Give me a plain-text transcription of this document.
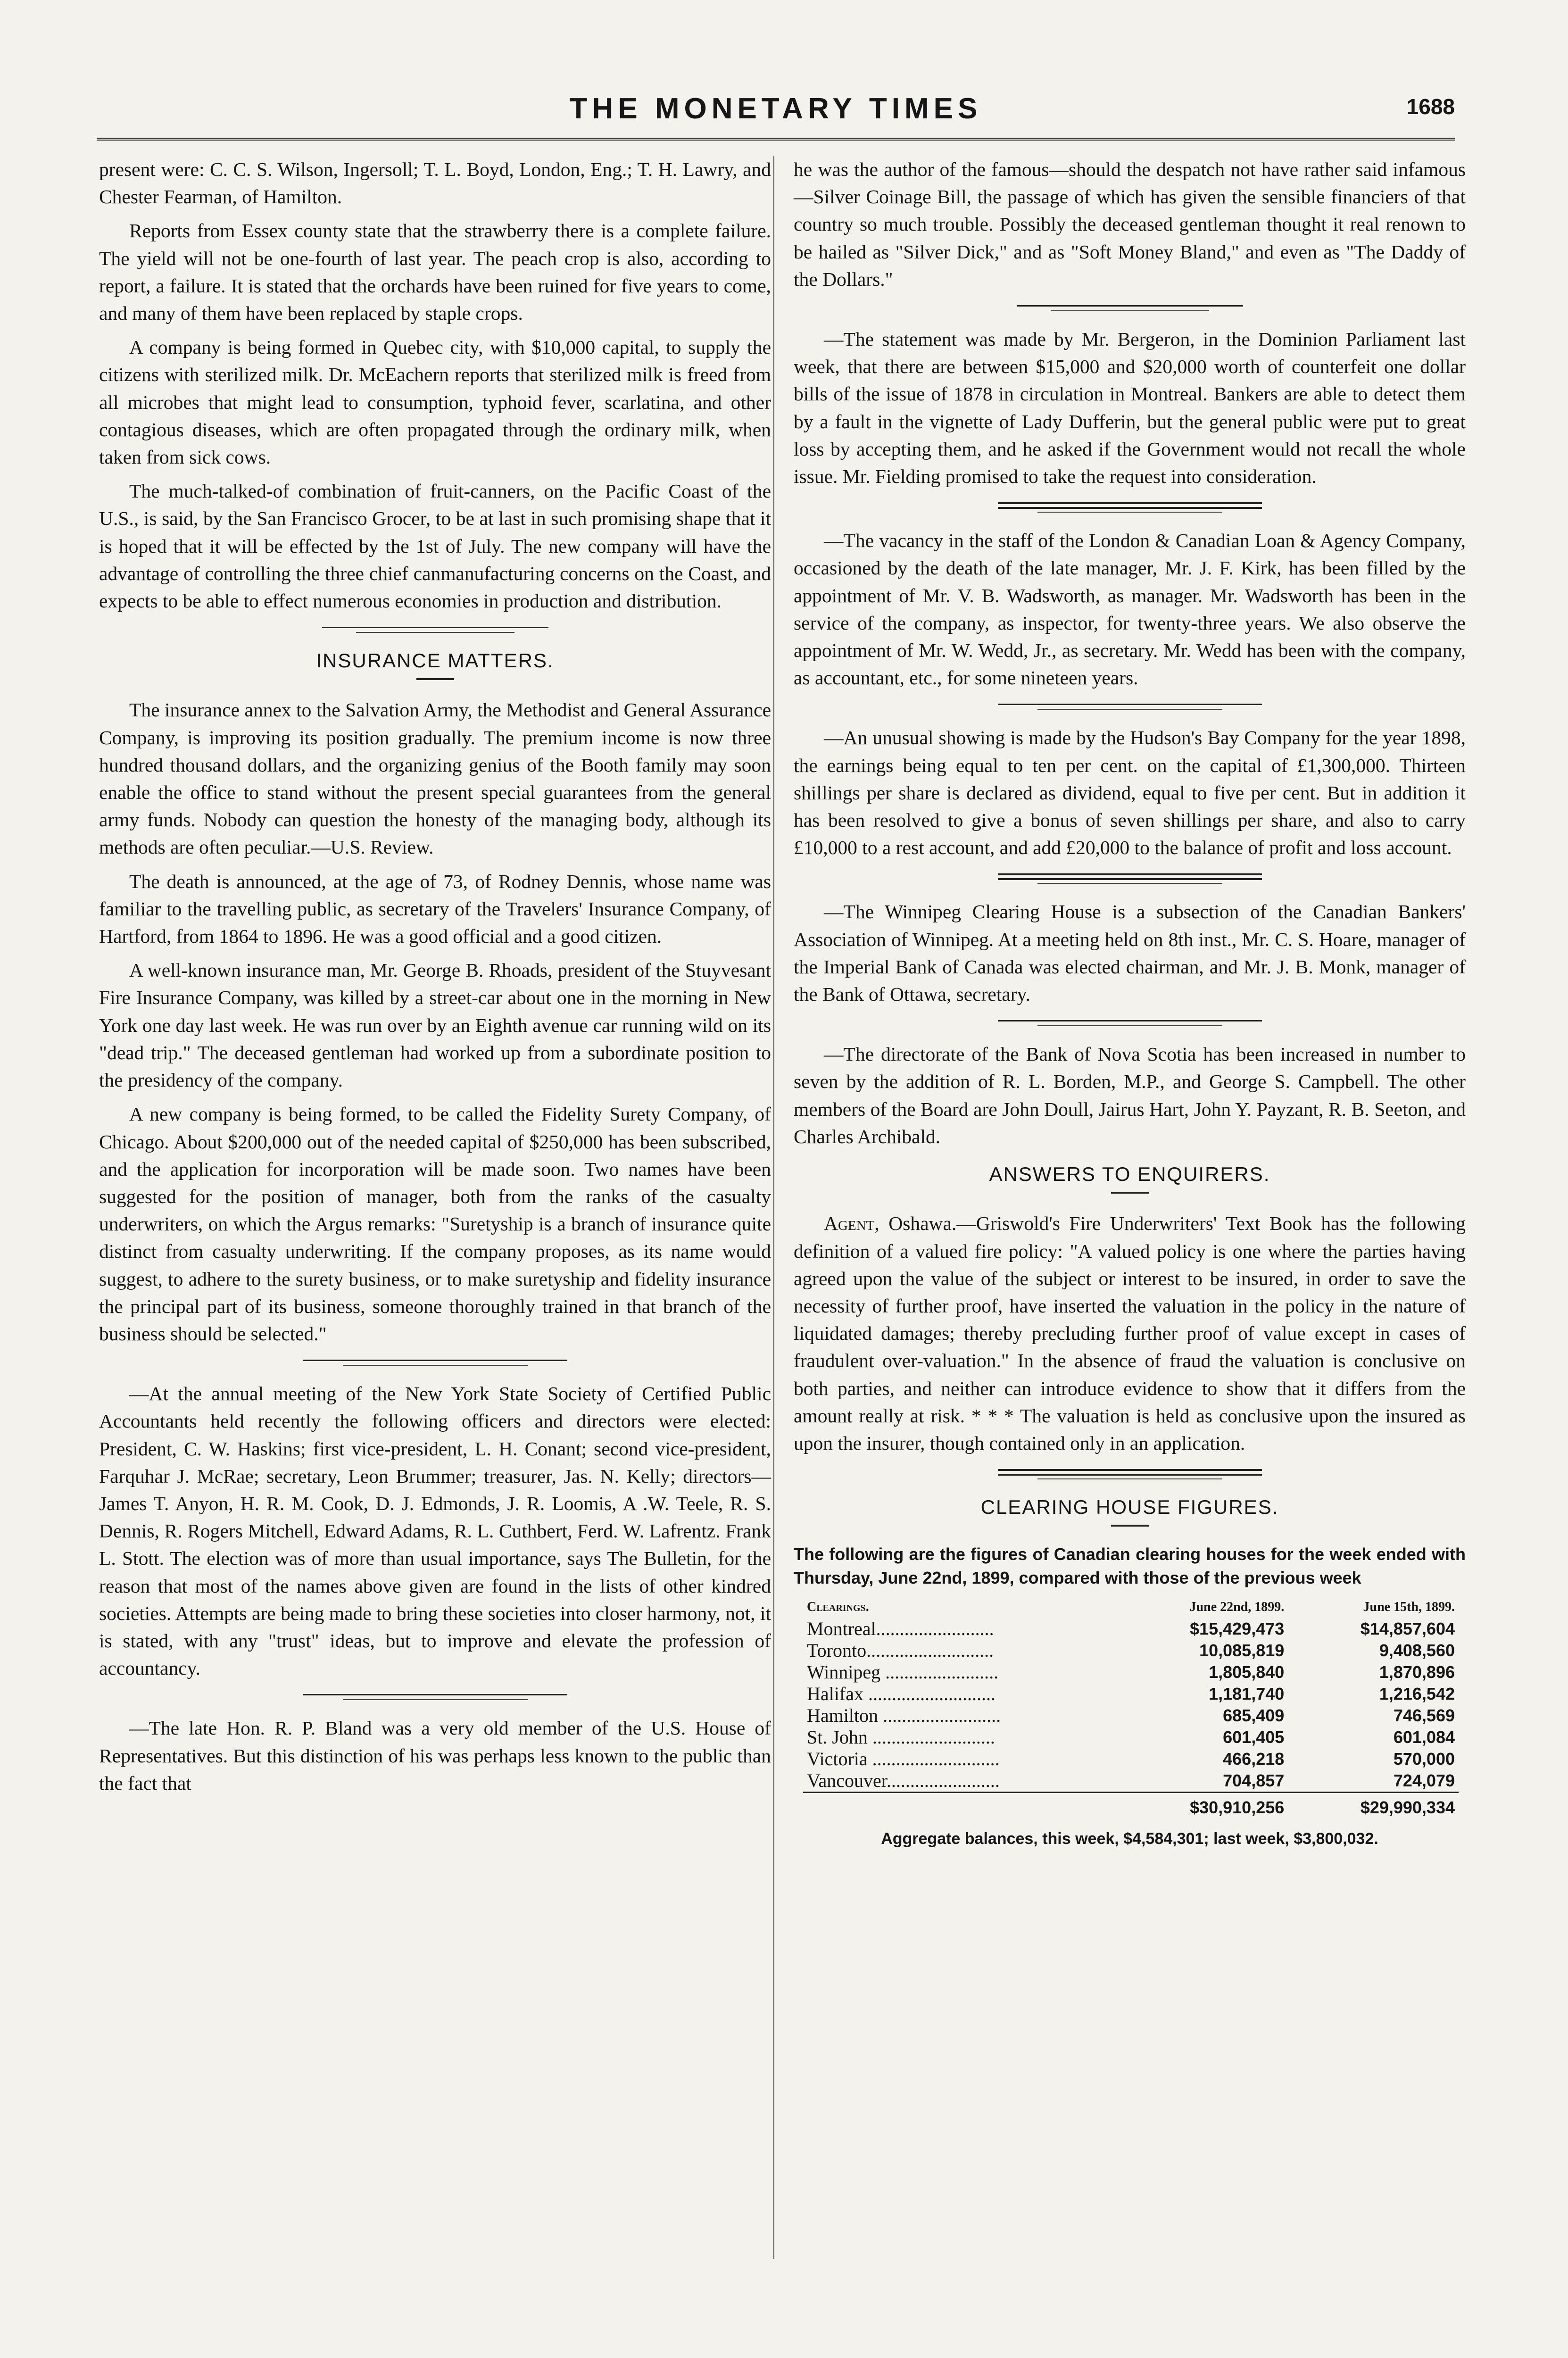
THE MONETARY TIMES	1688

present were: C. C. S. Wilson, Ingersoll; T. L. Boyd, London, Eng.; T. H. Lawry, and Chester Fearman, of Hamilton.

Reports from Essex county state that the strawberry there is a complete failure. The yield will not be one-fourth of last year. The peach crop is also, according to report, a failure. It is stated that the orchards have been ruined for five years to come, and many of them have been replaced by staple crops.

A company is being formed in Quebec city, with $10,000 capital, to supply the citizens with sterilized milk. Dr. McEachern reports that sterilized milk is freed from all microbes that might lead to consumption, typhoid fever, scarlatina, and other contagious diseases, which are often propagated through the ordinary milk, when taken from sick cows.

The much-talked-of combination of fruit-canners, on the Pacific Coast of the U.S., is said, by the San Francisco Grocer, to be at last in such promising shape that it is hoped that it will be effected by the 1st of July. The new company will have the advantage of controlling the three chief canmanufacturing concerns on the Coast, and expects to be able to effect numerous economies in production and distribution.

INSURANCE MATTERS.

The insurance annex to the Salvation Army, the Methodist and General Assurance Company, is improving its position gradually. The premium income is now three hundred thousand dollars, and the organizing genius of the Booth family may soon enable the office to stand without the present special guarantees from the general army funds. Nobody can question the honesty of the managing body, although its methods are often peculiar.—U.S. Review.

The death is announced, at the age of 73, of Rodney Dennis, whose name was familiar to the travelling public, as secretary of the Travelers' Insurance Company, of Hartford, from 1864 to 1896. He was a good official and a good citizen.

A well-known insurance man, Mr. George B. Rhoads, president of the Stuyvesant Fire Insurance Company, was killed by a street-car about one in the morning in New York one day last week. He was run over by an Eighth avenue car running wild on its "dead trip." The deceased gentleman had worked up from a subordinate position to the presidency of the company.

A new company is being formed, to be called the Fidelity Surety Company, of Chicago. About $200,000 out of the needed capital of $250,000 has been subscribed, and the application for incorporation will be made soon. Two names have been suggested for the position of manager, both from the ranks of the casualty underwriters, on which the Argus remarks: "Suretyship is a branch of insurance quite distinct from casualty underwriting. If the company proposes, as its name would suggest, to adhere to the surety business, or to make suretyship and fidelity insurance the principal part of its business, someone thoroughly trained in that branch of the business should be selected."

—At the annual meeting of the New York State Society of Certified Public Accountants held recently the following officers and directors were elected: President, C. W. Haskins; first vice-president, L. H. Conant; second vice-president, Farquhar J. McRae; secretary, Leon Brummer; treasurer, Jas. N. Kelly; directors—James T. Anyon, H. R. M. Cook, D. J. Edmonds, J. R. Loomis, A .W. Teele, R. S. Dennis, R. Rogers Mitchell, Edward Adams, R. L. Cuthbert, Ferd. W. Lafrentz. Frank L. Stott. The election was of more than usual importance, says The Bulletin, for the reason that most of the names above given are found in the lists of other kindred societies. Attempts are being made to bring these societies into closer harmony, not, it is stated, with any "trust" ideas, but to improve and elevate the profession of accountancy.

—The late Hon. R. P. Bland was a very old member of the U.S. House of Representatives. But this distinction of his was perhaps less known to the public than the fact that

he was the author of the famous—should the despatch not have rather said infamous—Silver Coinage Bill, the passage of which has given the sensible financiers of that country so much trouble. Possibly the deceased gentleman thought it real renown to be hailed as "Silver Dick," and as "Soft Money Bland," and even as "The Daddy of the Dollars."

—The statement was made by Mr. Bergeron, in the Dominion Parliament last week, that there are between $15,000 and $20,000 worth of counterfeit one dollar bills of the issue of 1878 in circulation in Montreal. Bankers are able to detect them by a fault in the vignette of Lady Dufferin, but the general public were put to great loss by accepting them, and he asked if the Government would not recall the whole issue. Mr. Fielding promised to take the request into consideration.

—The vacancy in the staff of the London & Canadian Loan & Agency Company, occasioned by the death of the late manager, Mr. J. F. Kirk, has been filled by the appointment of Mr. V. B. Wadsworth, as manager. Mr. Wadsworth has been in the service of the company, as inspector, for twenty-three years. We also observe the appointment of Mr. W. Wedd, Jr., as secretary. Mr. Wedd has been with the company, as accountant, etc., for some nineteen years.

—An unusual showing is made by the Hudson's Bay Company for the year 1898, the earnings being equal to ten per cent. on the capital of £1,300,000. Thirteen shillings per share is declared as dividend, equal to five per cent. But in addition it has been resolved to give a bonus of seven shillings per share, and also to carry £10,000 to a rest account, and add £20,000 to the balance of profit and loss account.

—The Winnipeg Clearing House is a subsection of the Canadian Bankers' Association of Winnipeg. At a meeting held on 8th inst., Mr. C. S. Hoare, manager of the Imperial Bank of Canada was elected chairman, and Mr. J. B. Monk, manager of the Bank of Ottawa, secretary.

—The directorate of the Bank of Nova Scotia has been increased in number to seven by the addition of R. L. Borden, M.P., and George S. Campbell. The other members of the Board are John Doull, Jairus Hart, John Y. Payzant, R. B. Seeton, and Charles Archibald.

ANSWERS TO ENQUIRERS.

Agent, Oshawa.—Griswold's Fire Underwriters' Text Book has the following definition of a valued fire policy: "A valued policy is one where the parties having agreed upon the value of the subject or interest to be insured, in order to save the necessity of further proof, have inserted the valuation in the policy in the nature of liquidated damages; thereby precluding further proof of value except in cases of fraudulent over-valuation." In the absence of fraud the valuation is conclusive on both parties, and neither can introduce evidence to show that it differs from the amount really at risk. * * * The valuation is held as conclusive upon the insured as upon the insurer, though contained only in an application.

CLEARING HOUSE FIGURES.

The following are the figures of Canadian clearing houses for the week ended with Thursday, June 22nd, 1899, compared with those of the previous week

Clearings.	June 22nd, 1899.	June 15th, 1899.
Montreal.........................	$15,429,473	$14,857,604
Toronto...........................	10,085,819	9,408,560
Winnipeg ........................	1,805,840	1,870,896
Halifax ...........................	1,181,740	1,216,542
Hamilton .........................	685,409	746,569
St. John ..........................	601,405	601,084
Victoria ...........................	466,218	570,000
Vancouver........................	704,857	724,079
	$30,910,256	$29,990,334
Aggregate balances, this week, $4,584,301; last week, $3,800,032.
